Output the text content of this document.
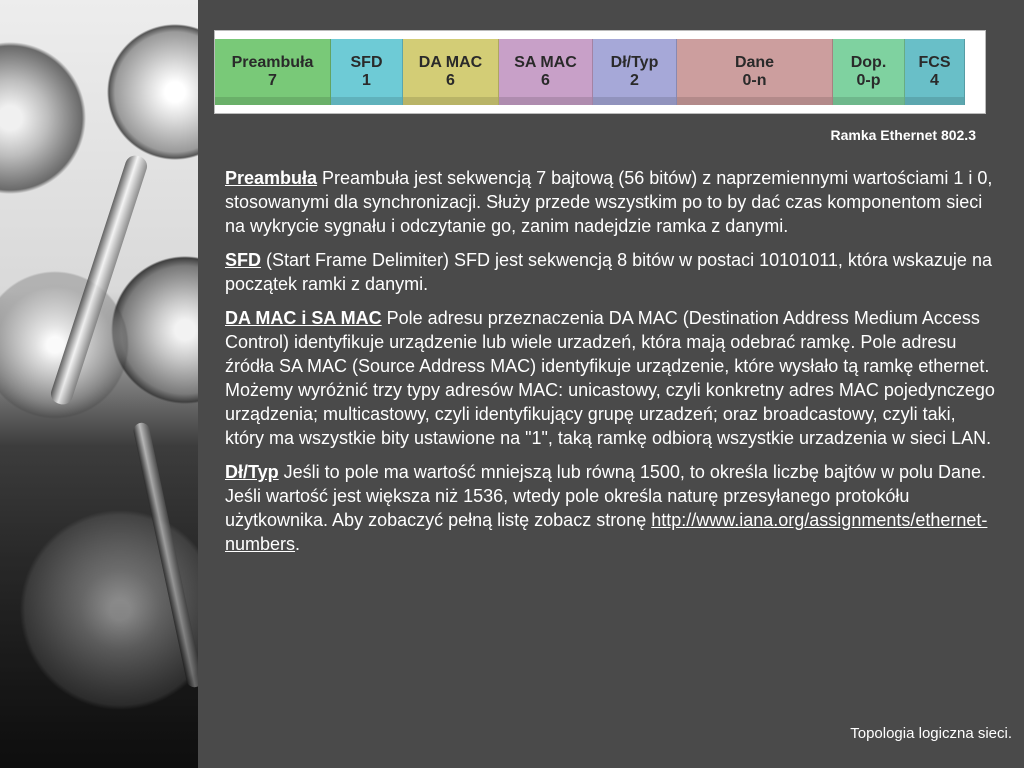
Preambuła
7
SFD
1
DA MAC
6
SA MAC
6
Dł/Typ
2
Dane
0-n
Dop.
0-p
FCS
4
Ramka Ethernet 802.3

Preambuła Preambuła jest sekwencją 7 bajtową (56 bitów) z naprzemiennymi wartościami 1 i 0, stosowanymi dla synchronizacji. Służy przede wszystkim po to by dać czas komponentom sieci na wykrycie sygnału i odczytanie go, zanim nadejdzie ramka z danymi.

SFD (Start Frame Delimiter) SFD jest sekwencją 8 bitów w postaci 10101011, która wskazuje na początek ramki z danymi.

DA MAC i SA MAC Pole adresu przeznaczenia DA MAC (Destination Address Medium Access Control) identyfikuje urządzenie lub wiele urzadzeń, która mają odebrać ramkę. Pole adresu źródła SA MAC (Source Address MAC) identyfikuje urządzenie, które wysłało tą ramkę ethernet. Możemy wyróżnić trzy typy adresów MAC: unicastowy, czyli konkretny adres MAC pojedynczego urządzenia; multicastowy, czyli identyfikujący grupę urzadzeń; oraz broadcastowy, czyli taki, który ma wszystkie bity ustawione na "1", taką ramkę odbiorą wszystkie urzadzenia w sieci LAN.

Dł/Typ Jeśli to pole ma wartość mniejszą lub równą 1500, to określa liczbę bajtów w polu Dane. Jeśli wartość jest większa niż 1536, wtedy pole określa naturę przesyłanego protokółu użytkownika. Aby zobaczyć pełną listę zobacz stronę http://www.iana.org/assignments/ethernet-numbers.

Topologia logiczna sieci.
